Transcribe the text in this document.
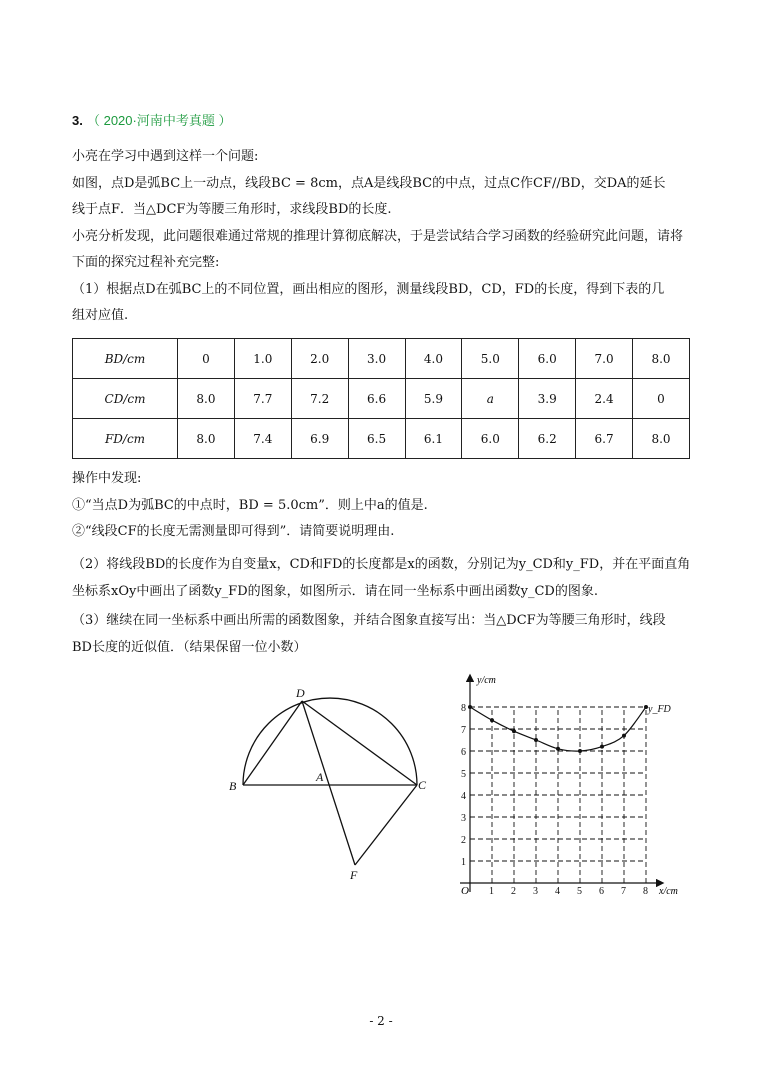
3. （ 2020·河南中考真题 ）
小亮在学习中遇到这样一个问题:
如图，点D是弧BC上一动点，线段BC = 8cm，点A是线段BC的中点，过点C作CF//BD，交DA的延长
线于点F．当△DCF为等腰三角形时，求线段BD的长度.
小亮分析发现，此问题很难通过常规的推理计算彻底解决，于是尝试结合学习函数的经验研究此问题，请将
下面的探究过程补充完整:
（1）根据点D在弧BC上的不同位置，画出相应的图形，测量线段BD，CD，FD的长度，得到下表的几
组对应值.
BD/cm	0	1.0	2.0	3.0	4.0	5.0	6.0	7.0	8.0
CD/cm	8.0	7.7	7.2	6.6	5.9	a	3.9	2.4	0
FD/cm	8.0	7.4	6.9	6.5	6.1	6.0	6.2	6.7	8.0
操作中发现:
①“当点D为弧BC的中点时，BD = 5.0cm”．则上中a的值是.
②“线段CF的长度无需测量即可得到”．请简要说明理由.
（2）将线段BD的长度作为自变量x，CD和FD的长度都是x的函数，分别记为y_CD和y_FD，并在平面直角
坐标系xOy中画出了函数y_FD的图象，如图所示．请在同一坐标系中画出函数y_CD的图象.
（3）继续在同一坐标系中画出所需的函数图象，并结合图象直接写出：当△DCF为等腰三角形时，线段
BD长度的近似值．（结果保留一位小数）
D
B
A
C
F
1 2 3 4 5 6 7 8
1
2
3
4
5
6
7
8
O
y/cm
x/cm
y_FD
- 2 -
